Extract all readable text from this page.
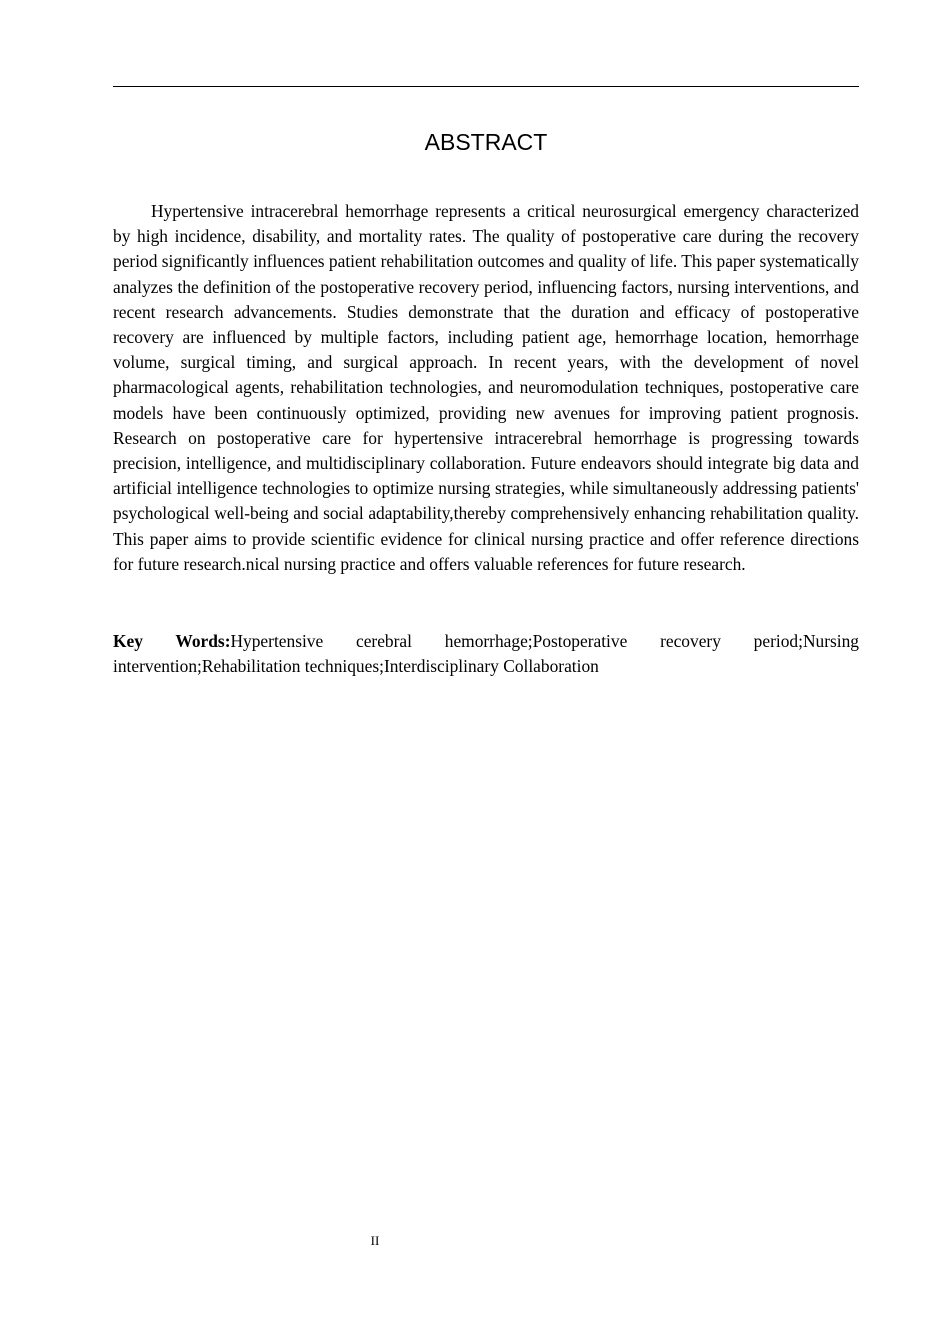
ABSTRACT

Hypertensive intracerebral hemorrhage represents a critical neurosurgical emergency characterized by high incidence, disability, and mortality rates. The quality of postoperative care during the recovery period significantly influences patient rehabilitation outcomes and quality of life. This paper systematically analyzes the definition of the postoperative recovery period, influencing factors, nursing interventions, and recent research advancements. Studies demonstrate that the duration and efficacy of postoperative recovery are influenced by multiple factors, including patient age, hemorrhage location, hemorrhage volume, surgical timing, and surgical approach. In recent years, with the development of novel pharmacological agents, rehabilitation technologies, and neuromodulation techniques, postoperative care models have been continuously optimized, providing new avenues for improving patient prognosis. Research on postoperative care for hypertensive intracerebral hemorrhage is progressing towards precision, intelligence, and multidisciplinary collaboration. Future endeavors should integrate big data and artificial intelligence technologies to optimize nursing strategies, while simultaneously addressing patients' psychological well-being and social adaptability,thereby comprehensively enhancing rehabilitation quality. This paper aims to provide scientific evidence for clinical nursing practice and offer reference directions for future research.nical nursing practice and offers valuable references for future research.

Key Words:Hypertensive cerebral hemorrhage;Postoperative recovery period;Nursing intervention;Rehabilitation techniques;Interdisciplinary Collaboration
II
